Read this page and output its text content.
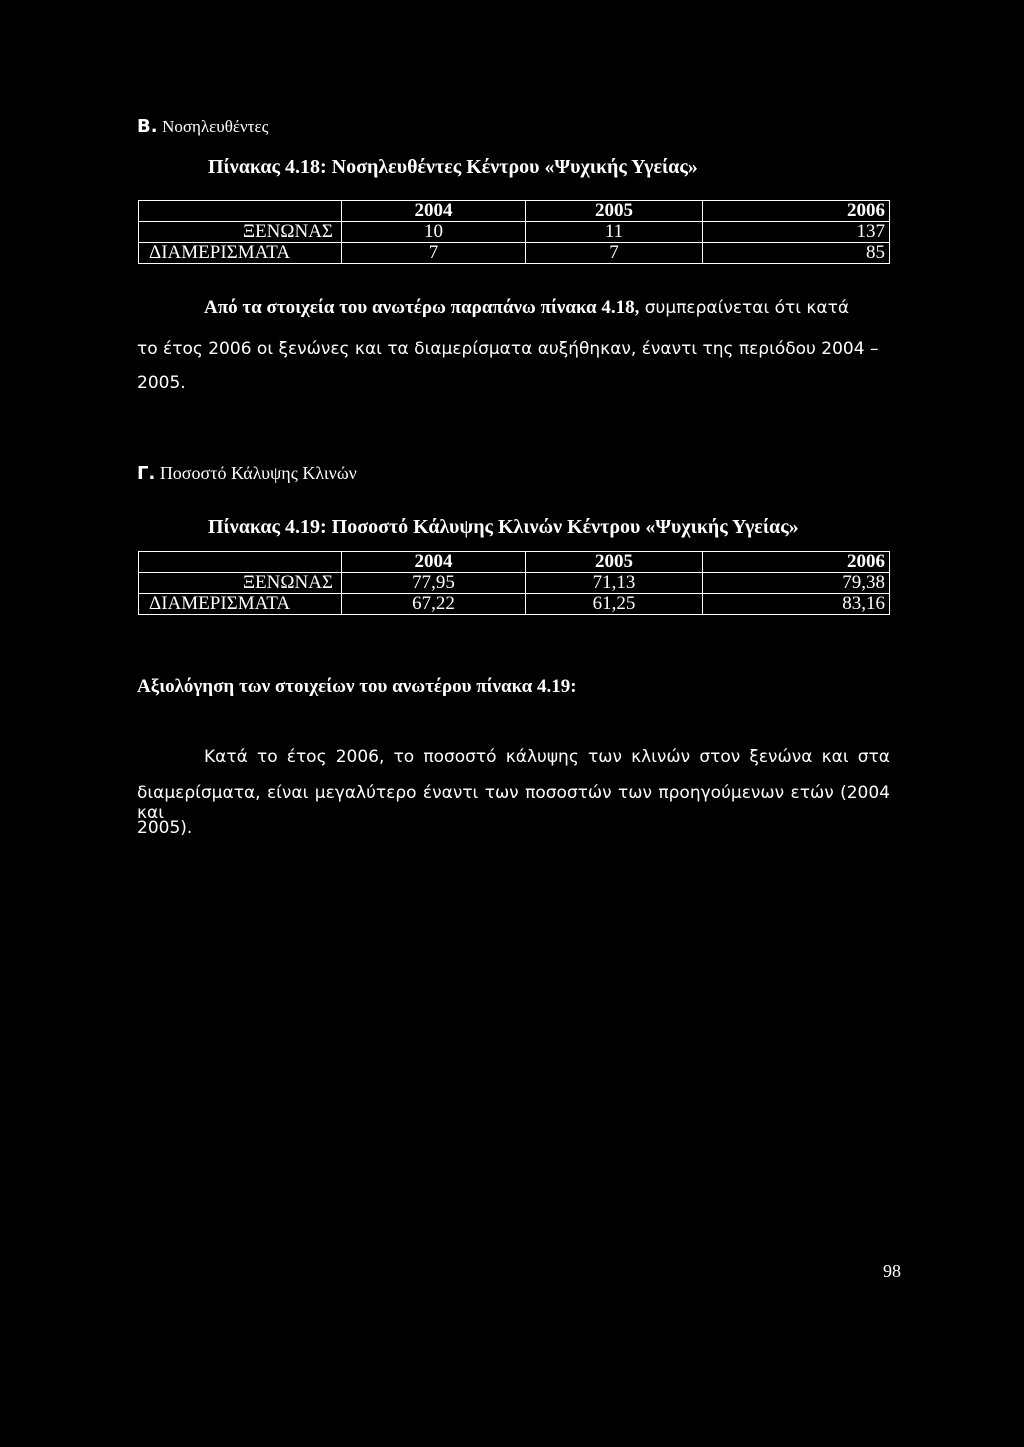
B. Νοσηλευθέντες
Πίνακας 4.18: Νοσηλευθέντες Κέντρου «Ψυχικής Υγείας»
	2004	2005	2006
ΞΕΝΩΝΑΣ	10	11	137
ΔΙΑΜΕΡΙΣΜΑΤΑ	7	7	85
Από τα στοιχεία του ανωτέρω παραπάνω πίνακα 4.18, συμπεραίνεται ότι κατά
το έτος 2006 οι ξενώνες και τα διαμερίσματα αυξήθηκαν, έναντι της περιόδου 2004 –
2005.
Γ. Ποσοστό Κάλυψης Κλινών
Πίνακας 4.19: Ποσοστό Κάλυψης Κλινών Κέντρου «Ψυχικής Υγείας»
	2004	2005	2006
ΞΕΝΩΝΑΣ	77,95	71,13	79,38
ΔΙΑΜΕΡΙΣΜΑΤΑ	67,22	61,25	83,16
Αξιολόγηση των στοιχείων του ανωτέρου πίνακα 4.19:
Κατά το έτος 2006, το ποσοστό κάλυψης των κλινών στον ξενώνα και στα
διαμερίσματα, είναι μεγαλύτερο έναντι των ποσοστών των προηγούμενων ετών (2004 και
2005).
98
